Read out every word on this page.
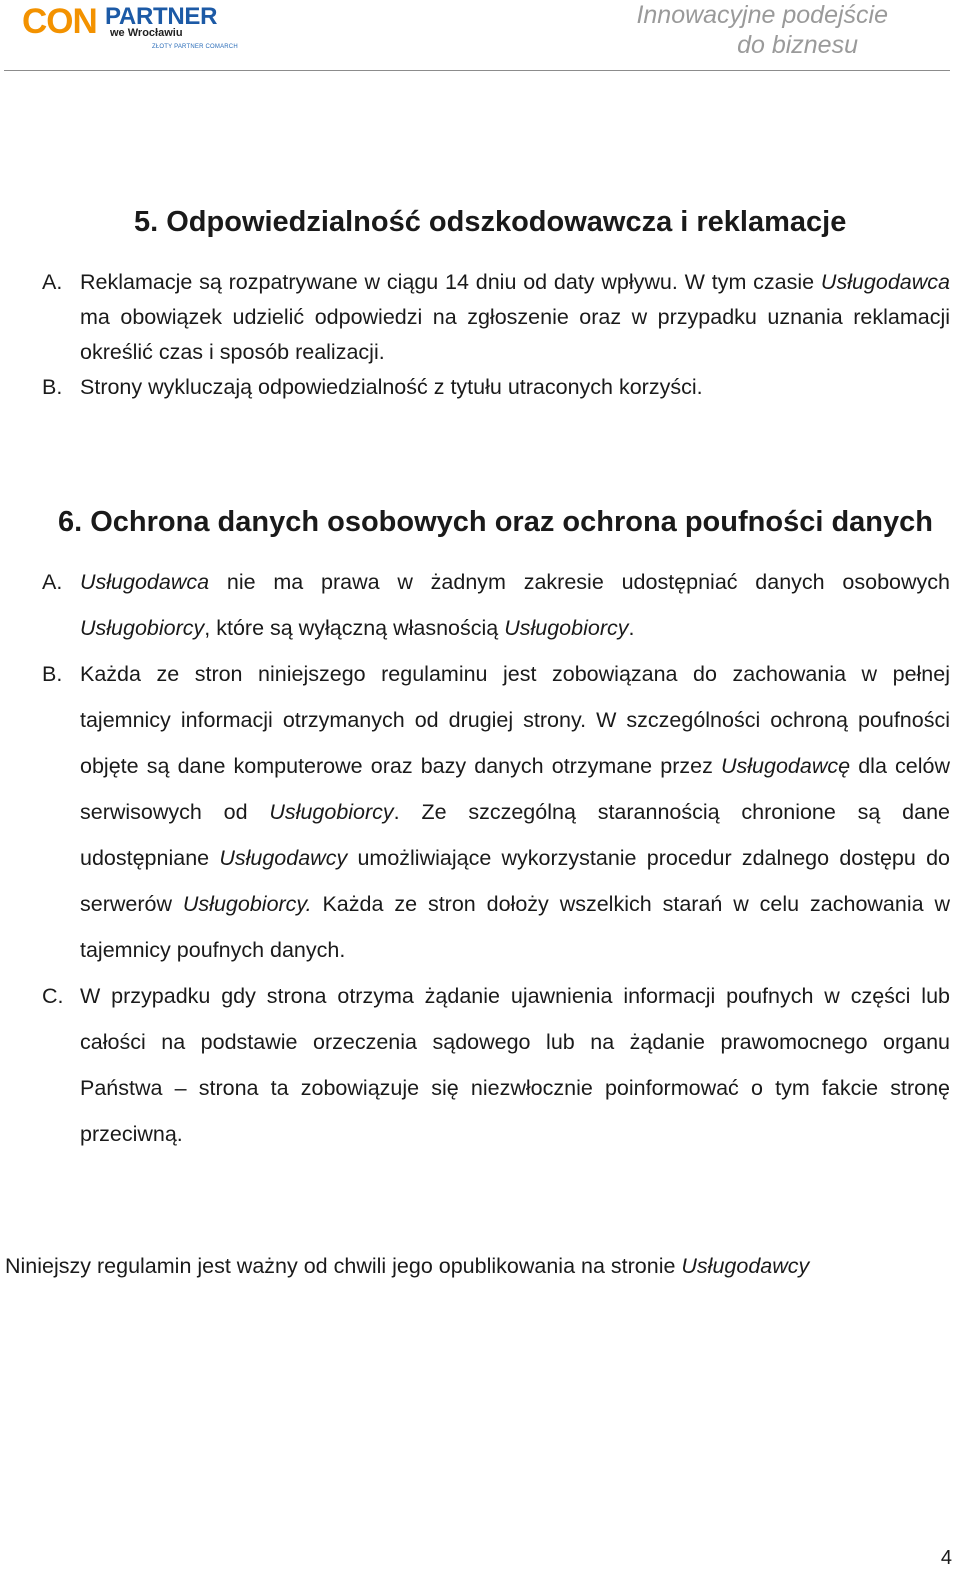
CON PARTNER
we Wrocławiu
ZŁOTY PARTNER COMARCH
Innowacyjne podejście
do biznesu
5. Odpowiedzialność odszkodowawcza i reklamacje
A. Reklamacje są rozpatrywane w ciągu 14 dniu od daty wpływu. W tym czasie Usługodawca ma obowiązek udzielić odpowiedzi na zgłoszenie oraz w przypadku uznania reklamacji określić czas i sposób realizacji.
B. Strony wykluczają odpowiedzialność z tytułu utraconych korzyści.
6. Ochrona danych osobowych oraz ochrona poufności danych
A. Usługodawca nie ma prawa w żadnym zakresie udostępniać danych osobowych Usługobiorcy, które są wyłączną własnością Usługobiorcy.
B. Każda ze stron niniejszego regulaminu jest zobowiązana do zachowania w pełnej tajemnicy informacji otrzymanych od drugiej strony. W szczególności ochroną poufności objęte są dane komputerowe oraz bazy danych otrzymane przez Usługodawcę dla celów serwisowych od Usługobiorcy. Ze szczególną starannością chronione są dane udostępniane Usługodawcy umożliwiające wykorzystanie procedur zdalnego dostępu do serwerów Usługobiorcy. Każda ze stron dołoży wszelkich starań w celu zachowania w tajemnicy poufnych danych.
C. W przypadku gdy strona otrzyma żądanie ujawnienia informacji poufnych w części lub całości na podstawie orzeczenia sądowego lub na żądanie prawomocnego organu Państwa – strona ta zobowiązuje się niezwłocznie poinformować o tym fakcie stronę przeciwną.
Niniejszy regulamin jest ważny od chwili jego opublikowania na stronie Usługodawcy
4
